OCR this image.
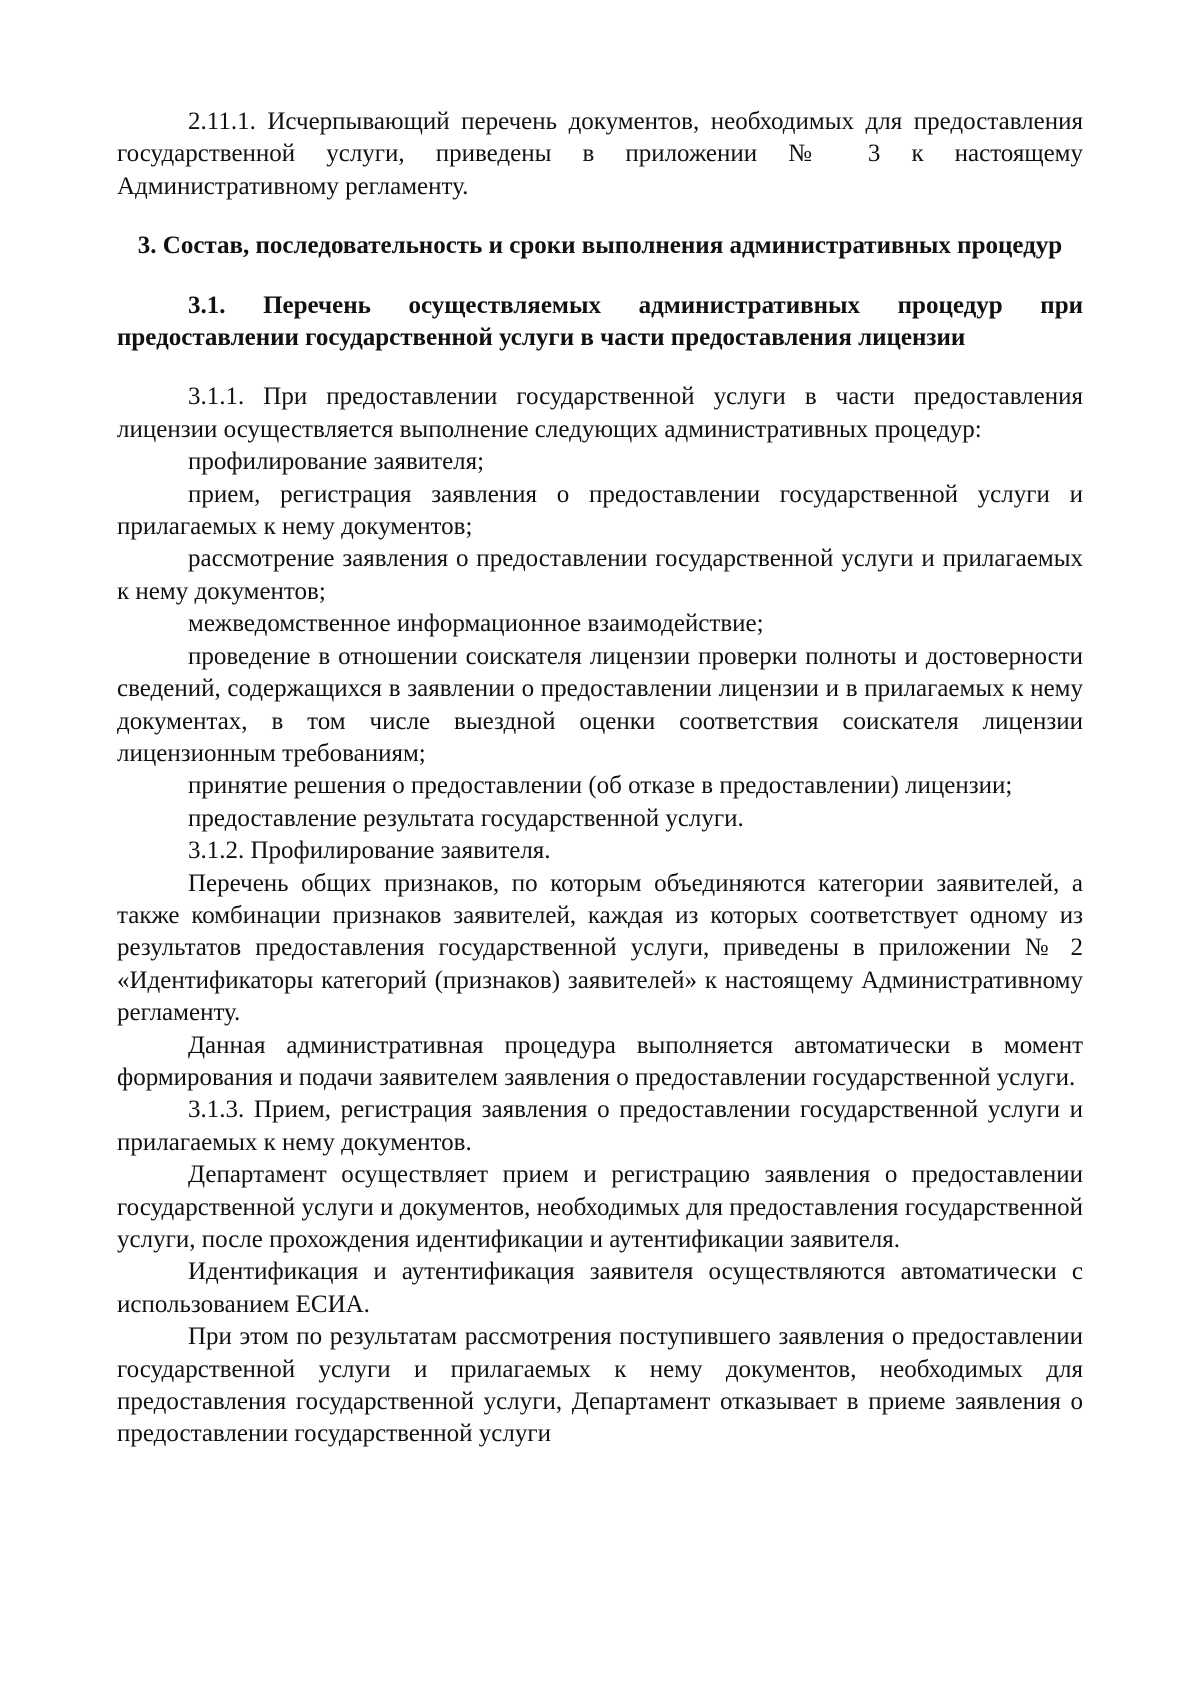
2.11.1. Исчерпывающий перечень документов, необходимых для предоставления государственной услуги, приведены в приложении № 3 к настоящему Административному регламенту.

3. Состав, последовательность и сроки выполнения административных процедур

3.1. Перечень осуществляемых административных процедур при предоставлении государственной услуги в части предоставления лицензии

3.1.1. При предоставлении государственной услуги в части предоставления лицензии осуществляется выполнение следующих административных процедур:

профилирование заявителя;

прием, регистрация заявления о предоставлении государственной услуги и прилагаемых к нему документов;

рассмотрение заявления о предоставлении государственной услуги и прилагаемых к нему документов;

межведомственное информационное взаимодействие;

проведение в отношении соискателя лицензии проверки полноты и достоверности сведений, содержащихся в заявлении о предоставлении лицензии и в прилагаемых к нему документах, в том числе выездной оценки соответствия соискателя лицензии лицензионным требованиям;

принятие решения о предоставлении (об отказе в предоставлении) лицензии;

предоставление результата государственной услуги.

3.1.2. Профилирование заявителя.

Перечень общих признаков, по которым объединяются категории заявителей, а также комбинации признаков заявителей, каждая из которых соответствует одному из результатов предоставления государственной услуги, приведены в приложении № 2 «Идентификаторы категорий (признаков) заявителей» к настоящему Административному регламенту.

Данная административная процедура выполняется автоматически в момент формирования и подачи заявителем заявления о предоставлении государственной услуги.

3.1.3. Прием, регистрация заявления о предоставлении государственной услуги и прилагаемых к нему документов.

Департамент осуществляет прием и регистрацию заявления о предоставлении государственной услуги и документов, необходимых для предоставления государственной услуги, после прохождения идентификации и аутентификации заявителя.

Идентификация и аутентификация заявителя осуществляются автоматически с использованием ЕСИА.

При этом по результатам рассмотрения поступившего заявления о предоставлении государственной услуги и прилагаемых к нему документов, необходимых для предоставления государственной услуги, Департамент отказывает в приеме заявления о предоставлении государственной услуги
